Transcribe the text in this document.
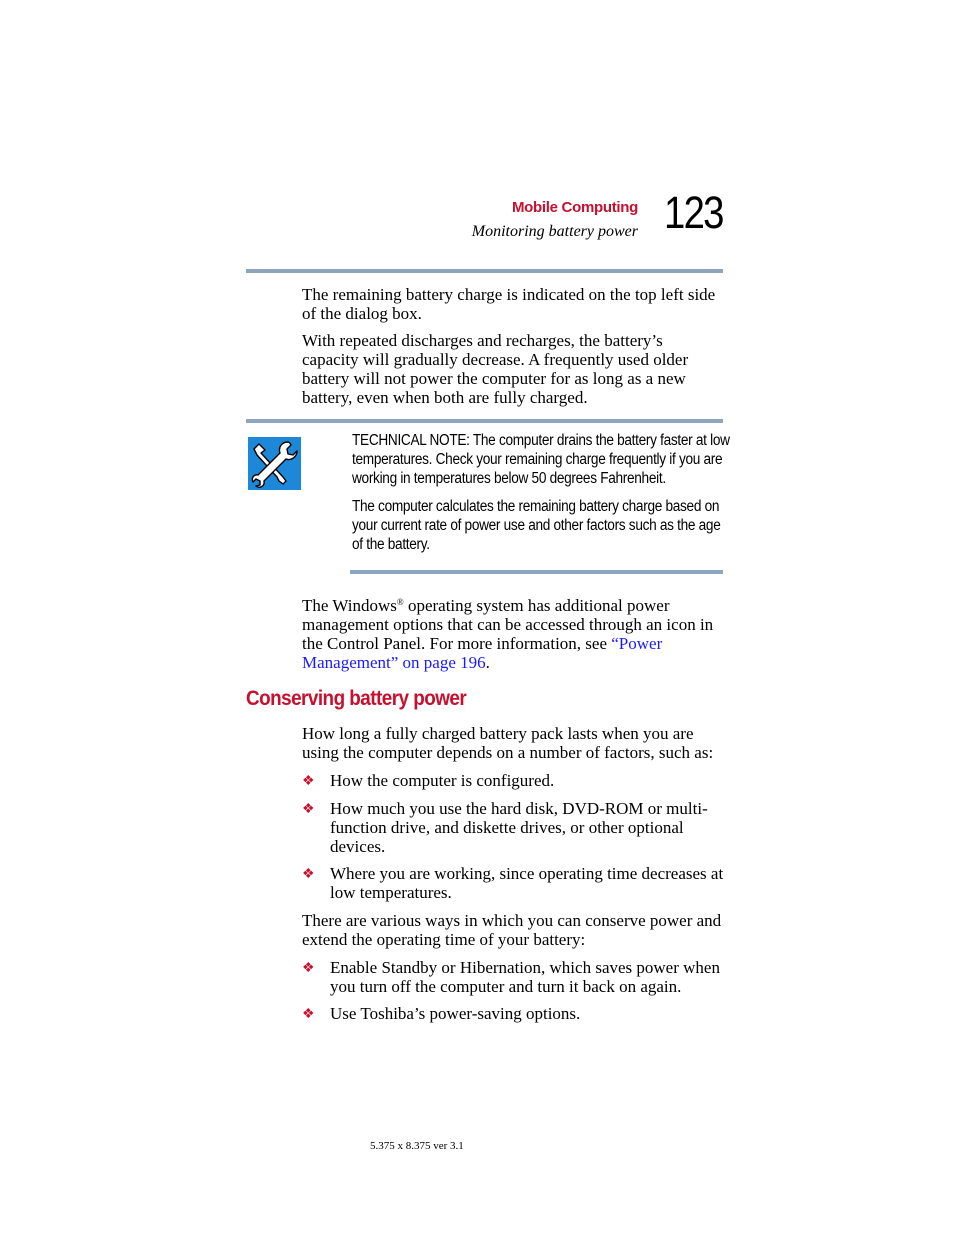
Mobile Computing
Monitoring battery power 123

The remaining battery charge is indicated on the top left side of the dialog box.

With repeated discharges and recharges, the battery’s capacity will gradually decrease. A frequently used older battery will not power the computer for as long as a new battery, even when both are fully charged.

TECHNICAL NOTE: The computer drains the battery faster at low temperatures. Check your remaining charge frequently if you are working in temperatures below 50 degrees Fahrenheit.

The computer calculates the remaining battery charge based on your current rate of power use and other factors such as the age of the battery.

The Windows® operating system has additional power management options that can be accessed through an icon in the Control Panel. For more information, see “Power Management” on page 196.

Conserving battery power

How long a fully charged battery pack lasts when you are using the computer depends on a number of factors, such as:

❖ How the computer is configured.

❖ How much you use the hard disk, DVD-ROM or multi-function drive, and diskette drives, or other optional devices.

❖ Where you are working, since operating time decreases at low temperatures.

There are various ways in which you can conserve power and extend the operating time of your battery:

❖ Enable Standby or Hibernation, which saves power when you turn off the computer and turn it back on again.

❖ Use Toshiba’s power-saving options.

5.375 x 8.375 ver 3.1
